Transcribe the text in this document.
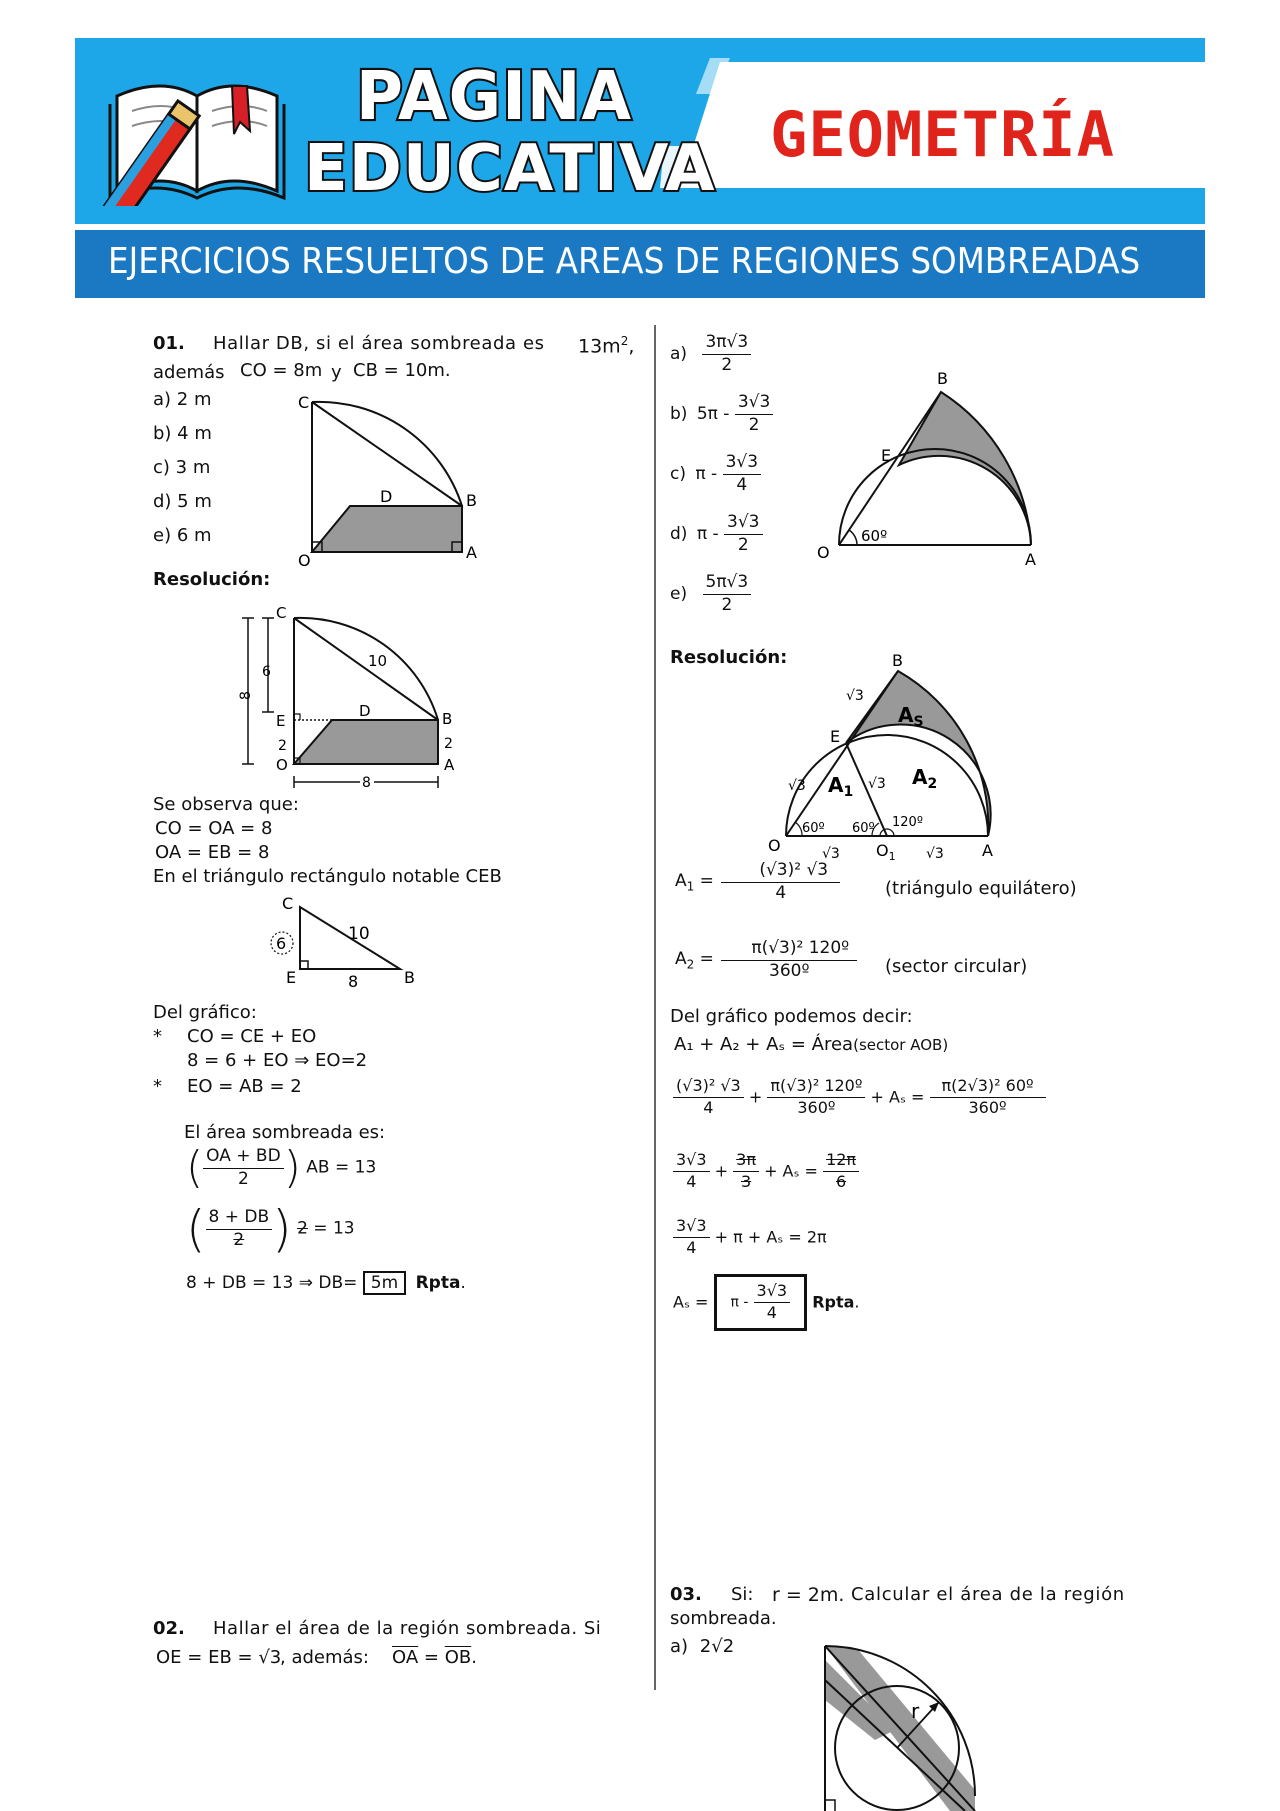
GEOMETRÍA
PAGINA
EDUCATIVA
EJERCICIOS RESUELTOS DE AREAS DE REGIONES SOMBREADAS
01. Hallar DB, si el área sombreada es $13m^2$,
además CO = 8m y CB = 10m.
a) 2 m
b) 4 m
c) 3 m
d) 5 m
e) 6 m
C
D	B
O	A
Resolución:
C
E
D	B
O	A
10
6
8
2	2
8
Se observa que:
CO = OA = 8
OA = EB = 8
En el triángulo rectángulo notable CEB
C
6	10
E	8	B
Del gráfico:
* CO = CE + EO
8 = 6 + EO ⇒ EO=2
* EO = AB = 2
El área sombreada es:
( $\frac{OA + BD}{2}$ ) AB = 13
( $\frac{8 + DB}{2}$ ) 2 = 13
8 + DB = 13 ⇒ DB= 5m Rpta.
02. Hallar el área de la región sombreada. Si
OE = EB = √3
, además: $\overline{OA} = \overline{OB}$.
$a) \frac{3\pi√3}{2}$
b) $5\pi - \frac{3√3}{2}$
c) π - $\frac{3√3}{4}$
d) π - $\frac{3√3}{2}$
$e) \frac{5\pi√3}{2}$
B
E
O
60º
A
Resolución:	B
E
√3
$A_S$
$A_1$
$A_2$
√3	√3
60º 60º 120º
O	$O_1$
√3	√3 A
$A_1 = \frac{\text{(√3)² √3}}{4}$ (triángulo equilátero)
$A_2 = \frac{\text{π(√3)² 120º}}{\text{360º}}$ (sector circular)
Del gráfico podemos decir:
A₁ + A₂ + Aₛ = Área(sector AOB)
$\frac{\text{(√3)² √3}}{4} + \frac{\text{π(√3)² 120º}}{\text{360º}} + A_s = \frac{\text{π(2√3)² 60º}}{\text{360º}}$
$\frac{3√3}{4} + \frac{3\pi}{3} + A_s = \frac{12\pi}{6}$
$\frac{3√3}{4} + \pi + A_s = 2\pi$
$A_s = \pi - \frac{3√3}{4}$ Rpta.
03. Si: r = 2m. Calcular el área de la región
sombreada.
a) 2√2
r
